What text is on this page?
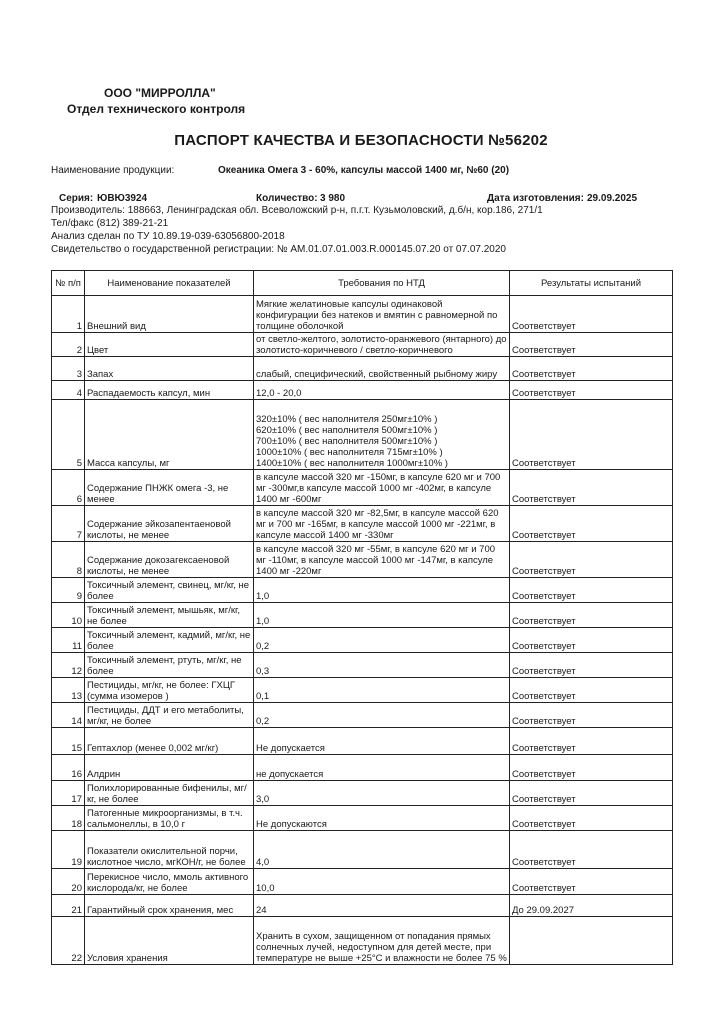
ООО "МИРРОЛЛА"
Отдел технического контроля
ПАСПОРТ КАЧЕСТВА И БЕЗОПАСНОСТИ №56202
Наименование продукции:	Океаника Омега 3 - 60%, капсулы массой 1400 мг, №60 (20)
Серия: ЮВЮ3924	Количество: 3 980	Дата изготовления: 29.09.2025
Производитель: 188663, Ленинградская обл. Всеволожский р-н, п.г.т. Кузьмоловский, д.б/н, кор.186, 271/1
Тел/факс (812) 389-21-21
Анализ сделан по ТУ 10.89.19-039-63056800-2018
Свидетельство о государственной регистрации: № AM.01.07.01.003.R.000145.07.20 от 07.07.2020
№ п/п	Наименование показателей	Требования по НТД	Результаты испытаний
1	Внешний вид	Мягкие желатиновые капсулы одинаковой конфигурации без натеков и вмятин с равномерной по толщине оболочкой	Соответствует
2	Цвет	от светло-желтого, золотисто-оранжевого (янтарного) до золотисто-коричневого / светло-коричневого	Соответствует
3	Запах	слабый, специфический, свойственный рыбному жиру	Соответствует
4	Распадаемость капсул, мин	12,0 - 20,0	Соответствует
5	Масса капсулы, мг	320±10% ( вес наполнителя 250мг±10% )
620±10% ( вес наполнителя 500мг±10% )
700±10% ( вес наполнителя 500мг±10% )
1000±10% ( вес наполнителя 715мг±10% )
1400±10% ( вес наполнителя 1000мг±10% )	Соответствует
6	Содержание ПНЖК омега -3, не менее	в капсуле массой 320 мг -150мг, в капсуле 620 мг и 700 мг -300мг,в капсуле массой 1000 мг -402мг, в капсуле 1400 мг -600мг	Соответствует
7	Содержание эйкозапентаеновой кислоты, не менее	в капсуле массой 320 мг -82,5мг, в капсуле массой 620 мг и 700 мг -165мг, в капсуле массой 1000 мг -221мг, в капсуле массой 1400 мг -330мг	Соответствует
8	Содержание докозагексаеновой кислоты, не менее	в капсуле массой 320 мг -55мг, в капсуле 620 мг и 700 мг -110мг, в капсуле массой 1000 мг -147мг, в капсуле 1400 мг -220мг	Соответствует
9	Токсичный элемент, свинец, мг/кг, не более	1,0	Соответствует
10	Токсичный элемент, мышьяк, мг/кг, не более	1,0	Соответствует
11	Токсичный элемент, кадмий, мг/кг, не более	0,2	Соответствует
12	Токсичный элемент, ртуть, мг/кг, не более	0,3	Соответствует
13	Пестициды, мг/кг, не более: ГХЦГ (сумма изомеров )	0,1	Соответствует
14	Пестициды, ДДТ и его метаболиты, мг/кг, не более	0,2	Соответствует
15	Гептахлор (менее 0,002 мг/кг)	Не допускается	Соответствует
16	Алдрин	не допускается	Соответствует
17	Полихлорированные бифенилы, мг/кг, не более	3,0	Соответствует
18	Патогенные микроорганизмы, в т.ч. сальмонеллы, в 10,0 г	Не допускаются	Соответствует
19	Показатели окислительной порчи, кислотное число, мгКОН/г, не более	4,0	Соответствует
20	Перекисное число, ммоль активного кислорода/кг, не более	10,0	Соответствует
21	Гарантийный срок хранения, мес	24	До 29.09.2027
22	Условия хранения	Хранить в сухом, защищенном от попадания прямых солнечных лучей, недоступном для детей месте, при температуре не выше +25°С и влажности не более 75 %	
